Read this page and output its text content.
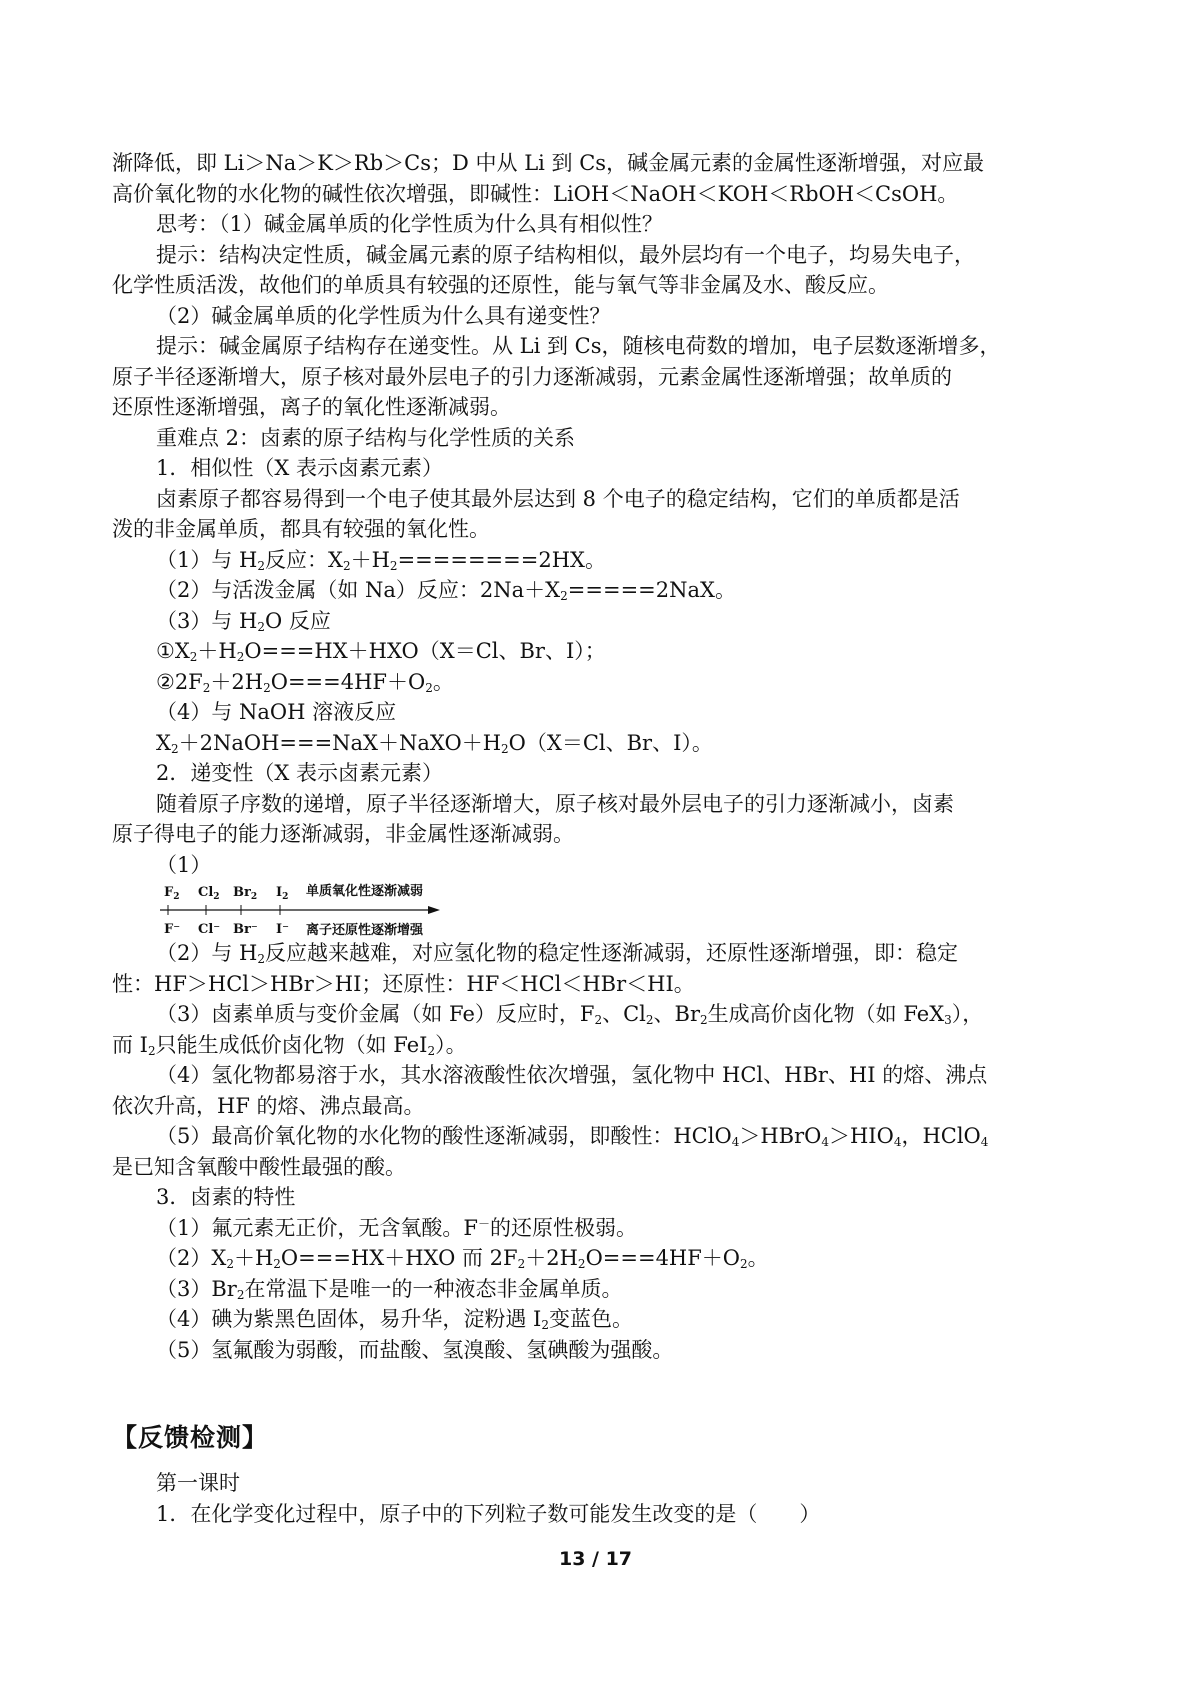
渐降低，即 Li＞Na＞K＞Rb＞Cs；D 中从 Li 到 Cs，碱金属元素的金属性逐渐增强，对应最
高价氧化物的水化物的碱性依次增强，即碱性：LiOH＜NaOH＜KOH＜RbOH＜CsOH。
思考：（1）碱金属单质的化学性质为什么具有相似性？
提示：结构决定性质，碱金属元素的原子结构相似，最外层均有一个电子，均易失电子，
化学性质活泼，故他们的单质具有较强的还原性，能与氧气等非金属及水、酸反应。
（2）碱金属单质的化学性质为什么具有递变性？
提示：碱金属原子结构存在递变性。从 Li 到 Cs，随核电荷数的增加，电子层数逐渐增多，
原子半径逐渐增大，原子核对最外层电子的引力逐渐减弱，元素金属性逐渐增强；故单质的
还原性逐渐增强，离子的氧化性逐渐减弱。
重难点 2：卤素的原子结构与化学性质的关系
1．相似性（X 表示卤素元素）
卤素原子都容易得到一个电子使其最外层达到 8 个电子的稳定结构，它们的单质都是活
泼的非金属单质，都具有较强的氧化性。
（1）与 $H_2$反应：$X_2+H_2========2HX$。
（2）与活泼金属（如 Na）反应：$2Na+X_2=====2NaX$。
（3）与 $H_2O$ 反应
$①X_2+H_2O===HX+HXO(X=Cl$、Br、I）；
$②2F_2+2H_2O===4HF+O_2$。
（4）与 NaOH 溶液反应
$X_2+2NaOH===NaX+NaXO+H_2O(X=Cl$、Br、I）。
2．递变性（X 表示卤素元素）
随着原子序数的递增，原子半径逐渐增大，原子核对最外层电子的引力逐渐减小，卤素
原子得电子的能力逐渐减弱，非金属性逐渐减弱。
（1）
$F_2$ $Cl_2$ $Br_2$ $I_2$ 单质氧化性逐渐减弱
F⁻ Cl⁻ Br⁻ I⁻ 离子还原性逐渐增强
（2）与 $H_2$反应越来越难，对应氢化物的稳定性逐渐减弱，还原性逐渐增强，即：稳定
性：HF＞HCl＞HBr＞HI；还原性：HF＜HCl＜HBr＜HI。
（3）卤素单质与变价金属（如 Fe）反应时，$F_2$、$Cl_2$、$Br_2$生成高价卤化物（如 FeX$_3$），
而 $I_2$只能生成低价卤化物（如 FeI$_2$）。
（4）氢化物都易溶于水，其水溶液酸性依次增强，氢化物中 HCl、HBr、HI 的熔、沸点
依次升高，HF 的熔、沸点最高。
（5）最高价氧化物的水化物的酸性逐渐减弱，即酸性：$HClO_4>HBrO_4>HIO_4$，HClO$_4$
是已知含氧酸中酸性最强的酸。
3．卤素的特性
（1）氟元素无正价，无含氧酸。F－的还原性极弱。
$(2)X_2+H_2O===HX+HXO$ 而 $2F_2+2H_2O===4HF+O_2$。
$(3)Br_2$在常温下是唯一的一种液态非金属单质。
（4）碘为紫黑色固体，易升华，淀粉遇 $I_2$变蓝色。
（5）氢氟酸为弱酸，而盐酸、氢溴酸、氢碘酸为强酸。
【反馈检测】
第一课时
1．在化学变化过程中，原子中的下列粒子数可能发生改变的是（　　）
13 / 17
